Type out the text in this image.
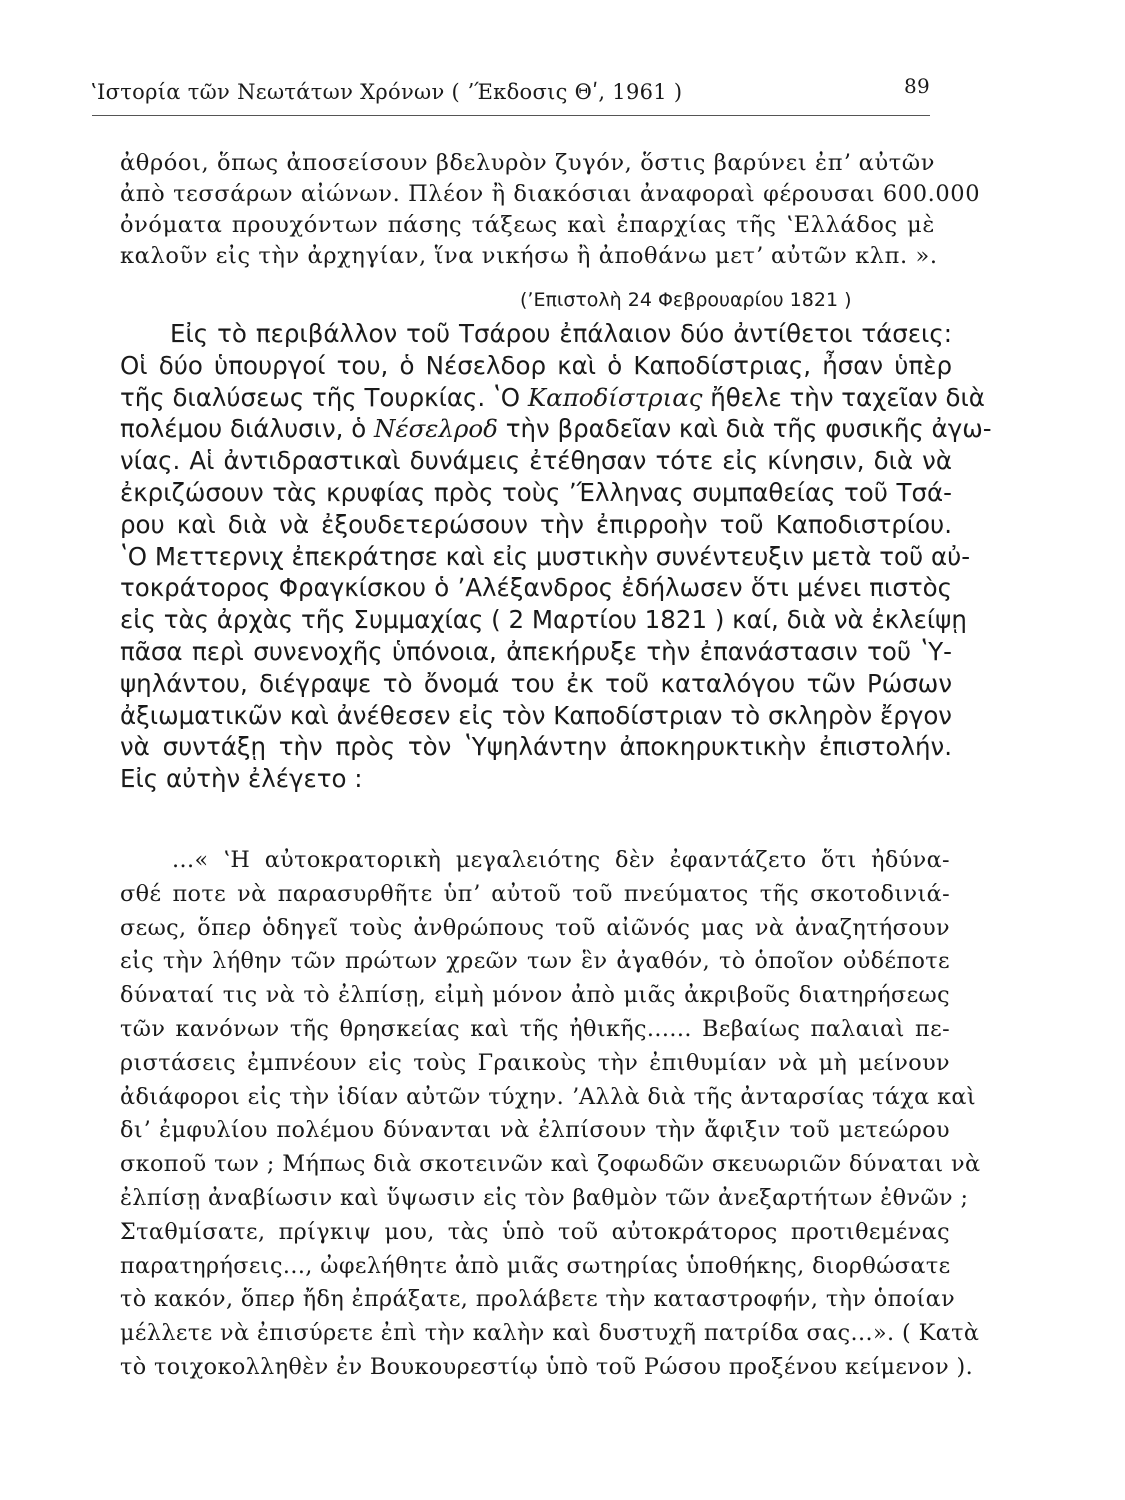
ʽΙστορία τῶν Νεωτάτων Χρόνων ( ʼΈκδοσις Θʹ, 1961 )	89
ἀθρόοι, ὅπως ἀποσείσουν βδελυρὸν ζυγόν, ὅστις βαρύνει ἐπʼ αὐτῶν
ἀπὸ τεσσάρων αἰώνων. Πλέον ἢ διακόσιαι ἀναφοραὶ φέρουσαι 600.000
ὀνόματα προυχόντων πάσης τάξεως καὶ ἐπαρχίας τῆς ʽΕλλάδος μὲ
καλοῦν εἰς τὴν ἀρχηγίαν, ἵνα νικήσω ἢ ἀποθάνω μετʼ αὐτῶν κλπ. ».
(ʼΕπιστολὴ 24 Φεβρουαρίου 1821 )
Εἰς τὸ περιβάλλον τοῦ Τσάρου ἐπάλαιον δύο ἀντίθετοι τάσεις:
Οἱ δύο ὑπουργοί του, ὁ Νέσελδορ καὶ ὁ Καποδίστριας, ἦσαν ὑπὲρ
τῆς διαλύσεως τῆς Τουρκίας. ʽΟ Καποδίστριας ἤθελε τὴν ταχεῖαν διὰ
πολέμου διάλυσιν, ὁ Νέσελροδ τὴν βραδεῖαν καὶ διὰ τῆς φυσικῆς ἀγω-
νίας. Αἱ ἀντιδραστικαὶ δυνάμεις ἐτέθησαν τότε εἰς κίνησιν, διὰ νὰ
ἐκριζώσουν τὰς κρυφίας πρὸς τοὺς ʼΈλληνας συμπαθείας τοῦ Τσά-
ρου καὶ διὰ νὰ ἐξουδετερώσουν τὴν ἐπιρροὴν τοῦ Καποδιστρίου.
ʽΟ Μεττερνιχ ἐπεκράτησε καὶ εἰς μυστικὴν συνέντευξιν μετὰ τοῦ αὐ-
τοκράτορος Φραγκίσκου ὁ ʼΑλέξανδρος ἐδήλωσεν ὅτι μένει πιστὸς
εἰς τὰς ἀρχὰς τῆς Συμμαχίας ( 2 Μαρτίου 1821 ) καί, διὰ νὰ ἐκλείψῃ
πᾶσα περὶ συνενοχῆς ὑπόνοια, ἀπεκήρυξε τὴν ἐπανάστασιν τοῦ ʽΥ-
ψηλάντου, διέγραψε τὸ ὄνομά του ἐκ τοῦ καταλόγου τῶν Ρώσων
ἀξιωματικῶν καὶ ἀνέθεσεν εἰς τὸν Καποδίστριαν τὸ σκληρὸν ἔργον
νὰ συντάξῃ τὴν πρὸς τὸν ʽΥψηλάντην ἀποκηρυκτικὴν ἐπιστολήν.
Εἰς αὐτὴν ἐλέγετο :
...« ʽΗ αὐτοκρατορικὴ μεγαλειότης δὲν ἐφαντάζετο ὅτι ἠδύνα-
σθέ ποτε νὰ παρασυρθῆτε ὑπʼ αὐτοῦ τοῦ πνεύματος τῆς σκοτοδινιά-
σεως, ὅπερ ὁδηγεῖ τοὺς ἀνθρώπους τοῦ αἰῶνός μας νὰ ἀναζητήσουν
εἰς τὴν λήθην τῶν πρώτων χρεῶν των ἓν ἀγαθόν, τὸ ὁποῖον οὐδέποτε
δύναταί τις νὰ τὸ ἐλπίσῃ, εἰμὴ μόνον ἀπὸ μιᾶς ἀκριβοῦς διατηρήσεως
τῶν κανόνων τῆς θρησκείας καὶ τῆς ἠθικῆς...... Βεβαίως παλαιαὶ πε-
ριστάσεις ἐμπνέουν εἰς τοὺς Γραικοὺς τὴν ἐπιθυμίαν νὰ μὴ μείνουν
ἀδιάφοροι εἰς τὴν ἰδίαν αὐτῶν τύχην. ʼΑλλὰ διὰ τῆς ἀνταρσίας τάχα καὶ
διʼ ἐμφυλίου πολέμου δύνανται νὰ ἐλπίσουν τὴν ἄφιξιν τοῦ μετεώρου
σκοποῦ των ; Μήπως διὰ σκοτεινῶν καὶ ζοφωδῶν σκευωριῶν δύναται νὰ
ἐλπίσῃ ἀναβίωσιν καὶ ὕψωσιν εἰς τὸν βαθμὸν τῶν ἀνεξαρτήτων ἐθνῶν ;
Σταθμίσατε, πρίγκιψ μου, τὰς ὑπὸ τοῦ αὐτοκράτορος προτιθεμένας
παρατηρήσεις..., ὠφελήθητε ἀπὸ μιᾶς σωτηρίας ὑποθήκης, διορθώσατε
τὸ κακόν, ὅπερ ἤδη ἐπράξατε, προλάβετε τὴν καταστροφήν, τὴν ὁποίαν
μέλλετε νὰ ἐπισύρετε ἐπὶ τὴν καλὴν καὶ δυστυχῆ πατρίδα σας...». ( Κατὰ
τὸ τοιχοκολληθὲν ἐν Βουκουρεστίῳ ὑπὸ τοῦ Ρώσου προξένου κείμενον ).
